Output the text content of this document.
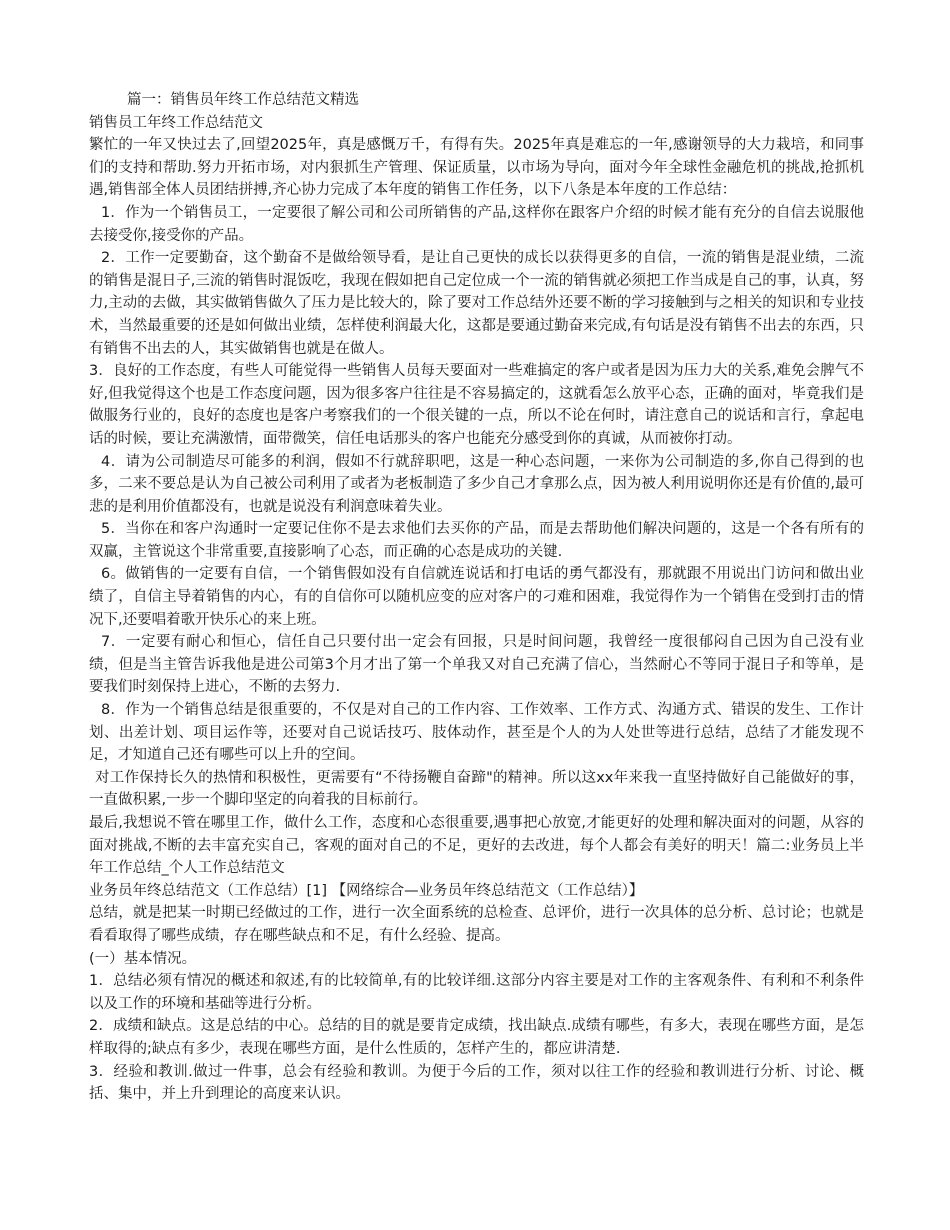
篇一：销售员年终工作总结范文精选

销售员工年终工作总结范文

繁忙的一年又快过去了,回望2025年，真是感慨万千，有得有失。2025年真是难忘的一年,感谢领导的大力栽培，和同事们的支持和帮助.努力开拓市场，对内狠抓生产管理、保证质量，以市场为导向，面对今年全球性金融危机的挑战,抢抓机遇,销售部全体人员团结拼搏,齐心协力完成了本年度的销售工作任务，以下八条是本年度的工作总结：

1．作为一个销售员工，一定要很了解公司和公司所销售的产品,这样你在跟客户介绍的时候才能有充分的自信去说服他去接受你,接受你的产品。

2．工作一定要勤奋，这个勤奋不是做给领导看，是让自己更快的成长以获得更多的自信，一流的销售是混业绩，二流的销售是混日子,三流的销售时混饭吃，我现在假如把自己定位成一个一流的销售就必须把工作当成是自己的事，认真，努力,主动的去做，其实做销售做久了压力是比较大的，除了要对工作总结外还要不断的学习接触到与之相关的知识和专业技术，当然最重要的还是如何做出业绩，怎样使利润最大化，这都是要通过勤奋来完成,有句话是没有销售不出去的东西，只有销售不出去的人，其实做销售也就是在做人。

3．良好的工作态度，有些人可能觉得一些销售人员每天要面对一些难搞定的客户或者是因为压力大的关系,难免会脾气不好,但我觉得这个也是工作态度问题，因为很多客户往往是不容易搞定的，这就看怎么放平心态，正确的面对，毕竟我们是做服务行业的，良好的态度也是客户考察我们的一个很关键的一点，所以不论在何时，请注意自己的说话和言行，拿起电话的时候，要让充满激情，面带微笑，信任电话那头的客户也能充分感受到你的真诚，从而被你打动。

4．请为公司制造尽可能多的利润，假如不行就辞职吧，这是一种心态问题，一来你为公司制造的多,你自己得到的也多，二来不要总是认为自己被公司利用了或者为老板制造了多少自己才拿那么点，因为被人利用说明你还是有价值的,最可悲的是利用价值都没有，也就是说没有利润意味着失业。

5．当你在和客户沟通时一定要记住你不是去求他们去买你的产品，而是去帮助他们解决问题的，这是一个各有所有的双赢，主管说这个非常重要,直接影响了心态，而正确的心态是成功的关键.

6。做销售的一定要有自信，一个销售假如没有自信就连说话和打电话的勇气都没有，那就跟不用说出门访问和做出业绩了，自信主导着销售的内心，有的自信你可以随机应变的应对客户的刁难和困难，我觉得作为一个销售在受到打击的情况下,还要唱着歌开快乐心的来上班。

7．一定要有耐心和恒心，信任自己只要付出一定会有回报，只是时间问题，我曾经一度很郁闷自己因为自己没有业绩，但是当主管告诉我他是进公司第3个月才出了第一个单我又对自己充满了信心，当然耐心不等同于混日子和等单，是要我们时刻保持上进心，不断的去努力.

8．作为一个销售总结是很重要的，不仅是对自己的工作内容、工作效率、工作方式、沟通方式、错误的发生、工作计划、出差计划、项目运作等，还要对自己说话技巧、肢体动作，甚至是个人的为人处世等进行总结，总结了才能发现不足，才知道自己还有哪些可以上升的空间。

对工作保持长久的热情和积极性，更需要有“不待扬鞭自奋蹄"的精神。所以这xx年来我一直坚持做好自己能做好的事，一直做积累,一步一个脚印坚定的向着我的目标前行。

最后,我想说不管在哪里工作，做什么工作，态度和心态很重要,遇事把心放宽,才能更好的处理和解决面对的问题，从容的面对挑战,不断的去丰富充实自己，客观的面对自己的不足，更好的去改进，每个人都会有美好的明天！篇二:业务员上半年工作总结_个人工作总结范文

业务员年终总结范文（工作总结）[1] 【网络综合—业务员年终总结范文（工作总结）】

总结，就是把某一时期已经做过的工作，进行一次全面系统的总检查、总评价，进行一次具体的总分析、总讨论；也就是看看取得了哪些成绩，存在哪些缺点和不足，有什么经验、提高。

(一）基本情况。

1．总结必须有情况的概述和叙述,有的比较简单,有的比较详细.这部分内容主要是对工作的主客观条件、有利和不利条件以及工作的环境和基础等进行分析。

2．成绩和缺点。这是总结的中心。总结的目的就是要肯定成绩，找出缺点.成绩有哪些，有多大，表现在哪些方面，是怎样取得的;缺点有多少，表现在哪些方面，是什么性质的，怎样产生的，都应讲清楚.

3．经验和教训.做过一件事，总会有经验和教训。为便于今后的工作，须对以往工作的经验和教训进行分析、讨论、概括、集中，并上升到理论的高度来认识。
